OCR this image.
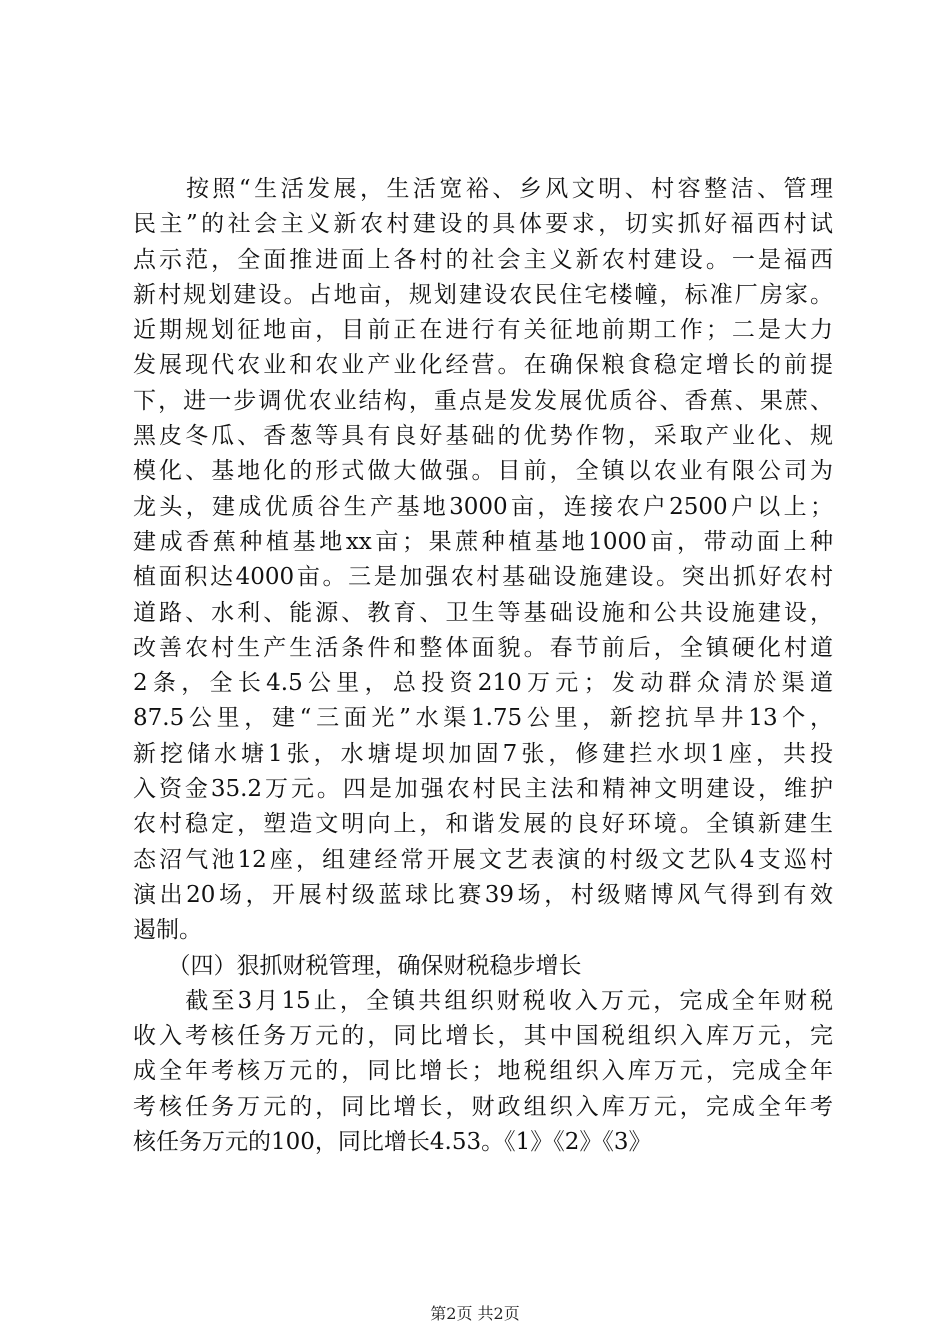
　　按照“生活发展，生活宽裕、乡风文明、村容整洁、管理
民主”的社会主义新农村建设的具体要求，切实抓好福西村试
点示范，全面推进面上各村的社会主义新农村建设。一是福西
新村规划建设。占地亩，规划建设农民住宅楼幢，标准厂房家。
近期规划征地亩，目前正在进行有关征地前期工作；二是大力
发展现代农业和农业产业化经营。在确保粮食稳定增长的前提
下，进一步调优农业结构，重点是发发展优质谷、香蕉、果蔗、
黑皮冬瓜、香葱等具有良好基础的优势作物，采取产业化、规
模化、基地化的形式做大做强。目前，全镇以农业有限公司为
龙头，建成优质谷生产基地3000亩，连接农户2500户以上；
建成香蕉种植基地xx亩；果蔗种植基地1000亩，带动面上种
植面积达4000亩。三是加强农村基础设施建设。突出抓好农村
道路、水利、能源、教育、卫生等基础设施和公共设施建设，
改善农村生产生活条件和整体面貌。春节前后，全镇硬化村道
2条，全长4.5公里，总投资210万元；发动群众清於渠道
87.5公里，建“三面光”水渠1.75公里，新挖抗旱井13个，
新挖储水塘1张，水塘堤坝加固7张，修建拦水坝1座，共投
入资金35.2万元。四是加强农村民主法和精神文明建设，维护
农村稳定，塑造文明向上，和谐发展的良好环境。全镇新建生
态沼气池12座，组建经常开展文艺表演的村级文艺队4支巡村
演出20场，开展村级蓝球比赛39场，村级赌博风气得到有效
遏制。
　　（四）狠抓财税管理，确保财税稳步增长
　　截至3月15止，全镇共组织财税收入万元，完成全年财税
收入考核任务万元的，同比增长，其中国税组织入库万元，完
成全年考核万元的，同比增长；地税组织入库万元，完成全年
考核任务万元的，同比增长，财政组织入库万元，完成全年考
核任务万元的100，同比增长4.53。《1》《2》《3》
第2页 共2页
